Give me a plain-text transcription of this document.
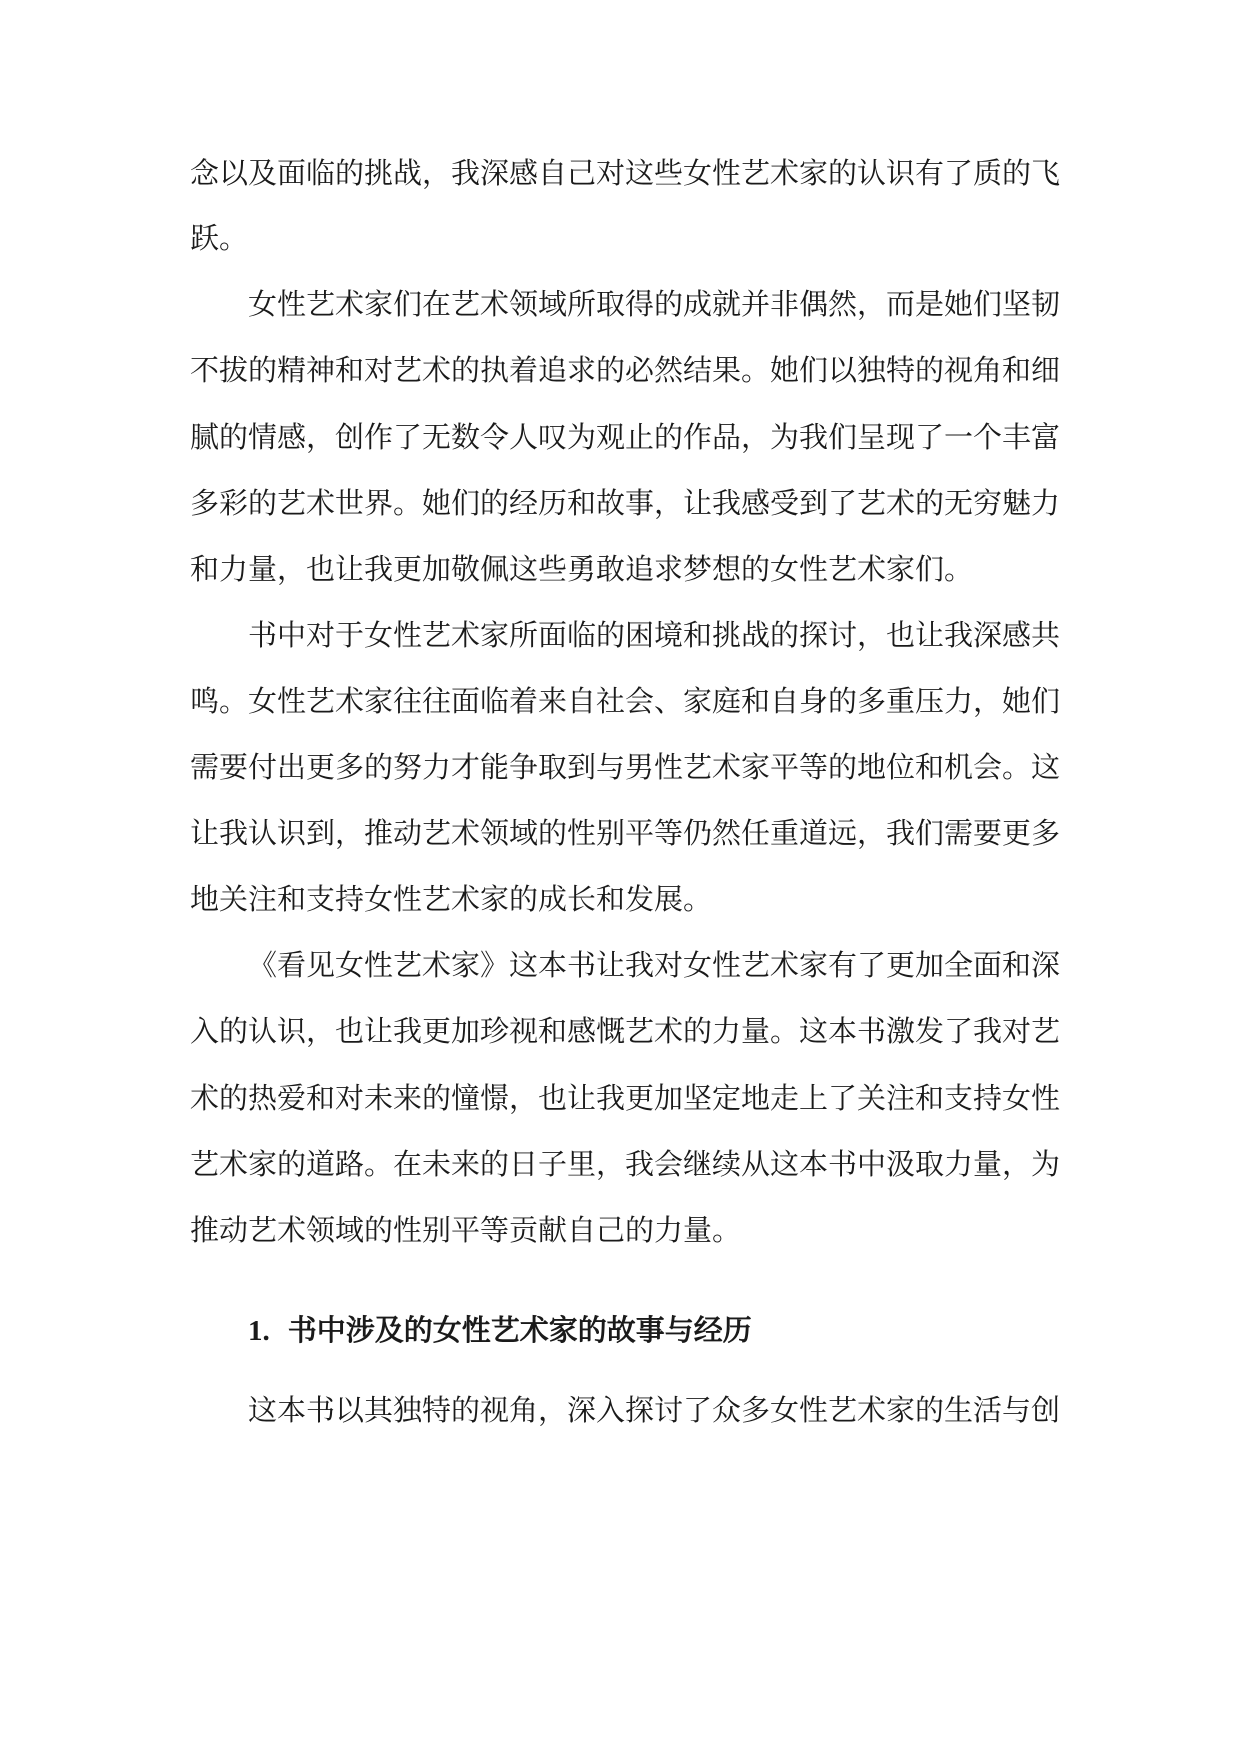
念以及面临的挑战，我深感自己对这些女性艺术家的认识有了质的飞
跃。
女性艺术家们在艺术领域所取得的成就并非偶然，而是她们坚韧
不拔的精神和对艺术的执着追求的必然结果。她们以独特的视角和细
腻的情感，创作了无数令人叹为观止的作品，为我们呈现了一个丰富
多彩的艺术世界。她们的经历和故事，让我感受到了艺术的无穷魅力
和力量，也让我更加敬佩这些勇敢追求梦想的女性艺术家们。
书中对于女性艺术家所面临的困境和挑战的探讨，也让我深感共
鸣。女性艺术家往往面临着来自社会、家庭和自身的多重压力，她们
需要付出更多的努力才能争取到与男性艺术家平等的地位和机会。这
让我认识到，推动艺术领域的性别平等仍然任重道远，我们需要更多
地关注和支持女性艺术家的成长和发展。
《看见女性艺术家》这本书让我对女性艺术家有了更加全面和深
入的认识，也让我更加珍视和感慨艺术的力量。这本书激发了我对艺
术的热爱和对未来的憧憬，也让我更加坚定地走上了关注和支持女性
艺术家的道路。在未来的日子里，我会继续从这本书中汲取力量，为
推动艺术领域的性别平等贡献自己的力量。
1. 书中涉及的女性艺术家的故事与经历
这本书以其独特的视角，深入探讨了众多女性艺术家的生活与创
